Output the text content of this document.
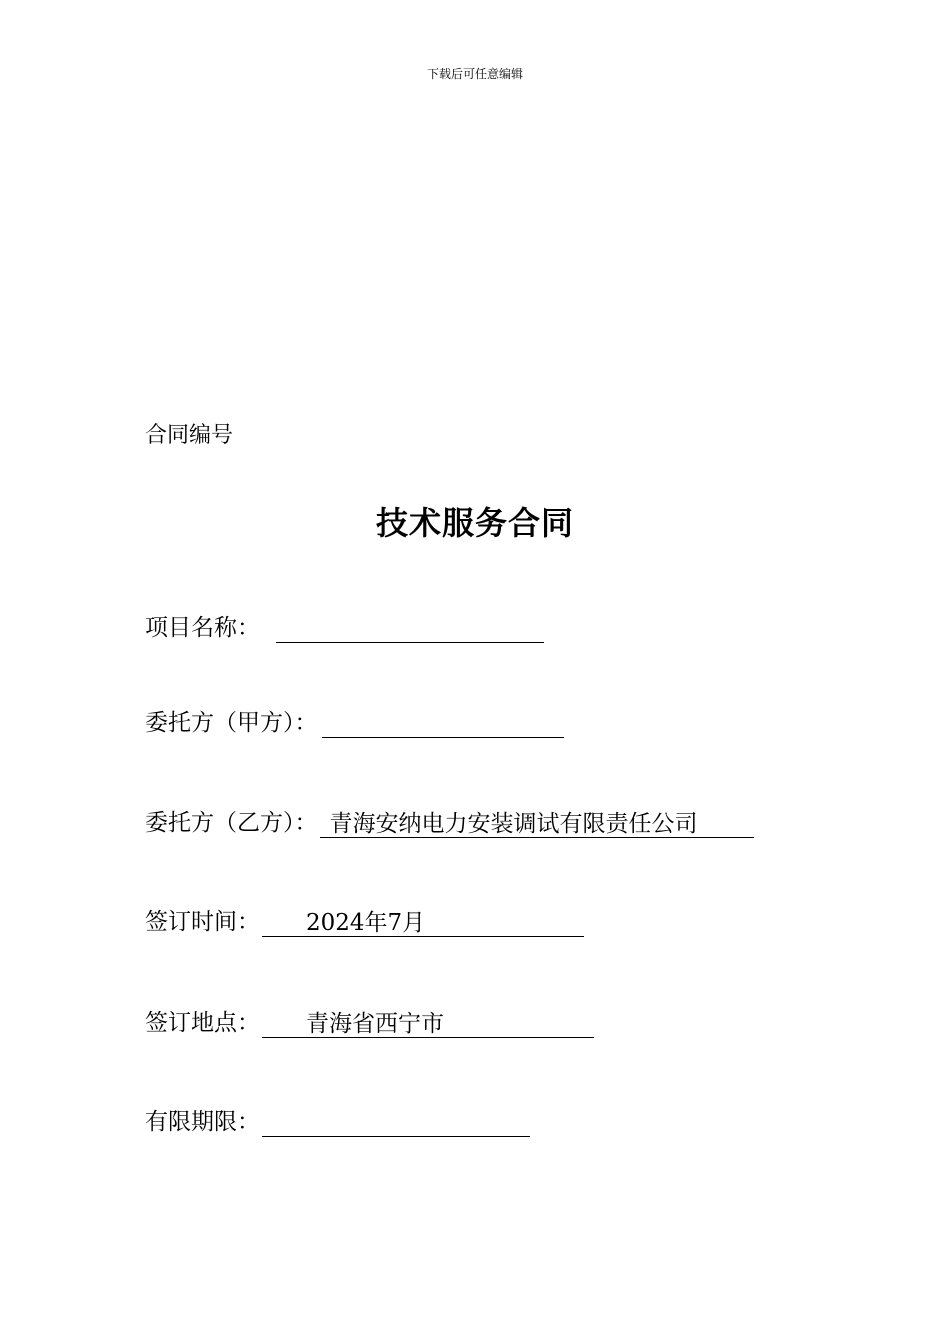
下载后可任意编辑
合同编号
技术服务合同
项目名称：
委托方（甲方）：
委托方（乙方）： 青海安纳电力安装调试有限责任公司
签订时间：	2024年7月
签订地点：	青海省西宁市
有限期限：
